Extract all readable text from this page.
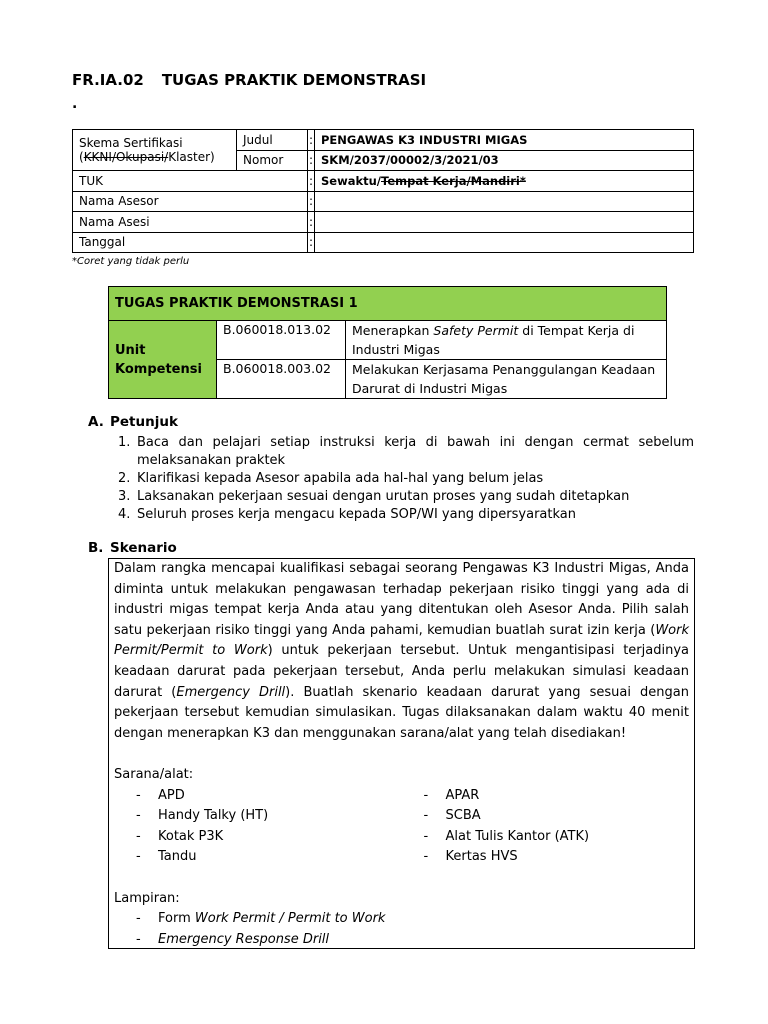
FR.IA.02 TUGAS PRAKTIK DEMONSTRASI
.
Skema Sertifikasi
(KKNI/Okupasi/Klaster)	Judul	:	PENGAWAS K3 INDUSTRI MIGAS
	Nomor	:	SKM/2037/00002/3/2021/03
TUK		:	Sewaktu/Tempat Kerja/Mandiri*
Nama Asesor		:	
Nama Asesi		:	
Tanggal		:	
*Coret yang tidak perlu
TUGAS PRAKTIK DEMONSTRASI 1		
Unit Kompetensi	B.060018.013.02	Menerapkan Safety Permit di Tempat Kerja di Industri Migas
	B.060018.003.02	Melakukan Kerjasama Penanggulangan Keadaan Darurat di Industri Migas
A. Petunjuk
1. Baca dan pelajari setiap instruksi kerja di bawah ini dengan cermat sebelum melaksanakan praktek
2. Klarifikasi kepada Asesor apabila ada hal-hal yang belum jelas
3. Laksanakan pekerjaan sesuai dengan urutan proses yang sudah ditetapkan
4. Seluruh proses kerja mengacu kepada SOP/WI yang dipersyaratkan
B. Skenario

Dalam rangka mencapai kualifikasi sebagai seorang Pengawas K3 Industri Migas, Anda diminta untuk melakukan pengawasan terhadap pekerjaan risiko tinggi yang ada di industri migas tempat kerja Anda atau yang ditentukan oleh Asesor Anda. Pilih salah satu pekerjaan risiko tinggi yang Anda pahami, kemudian buatlah surat izin kerja (Work Permit/Permit to Work) untuk pekerjaan tersebut. Untuk mengantisipasi terjadinya keadaan darurat pada pekerjaan tersebut, Anda perlu melakukan simulasi keadaan darurat (Emergency Drill). Buatlah skenario keadaan darurat yang sesuai dengan pekerjaan tersebut kemudian simulasikan. Tugas dilaksanakan dalam waktu 40 menit dengan menerapkan K3 dan menggunakan sarana/alat yang telah disediakan!

Sarana/alat:
- APD
- Handy Talky (HT)
- Kotak P3K
- Tandu
- APAR
- SCBA
- Alat Tulis Kantor (ATK)
- Kertas HVS
Lampiran:
- Form Work Permit / Permit to Work
- Emergency Response Drill
